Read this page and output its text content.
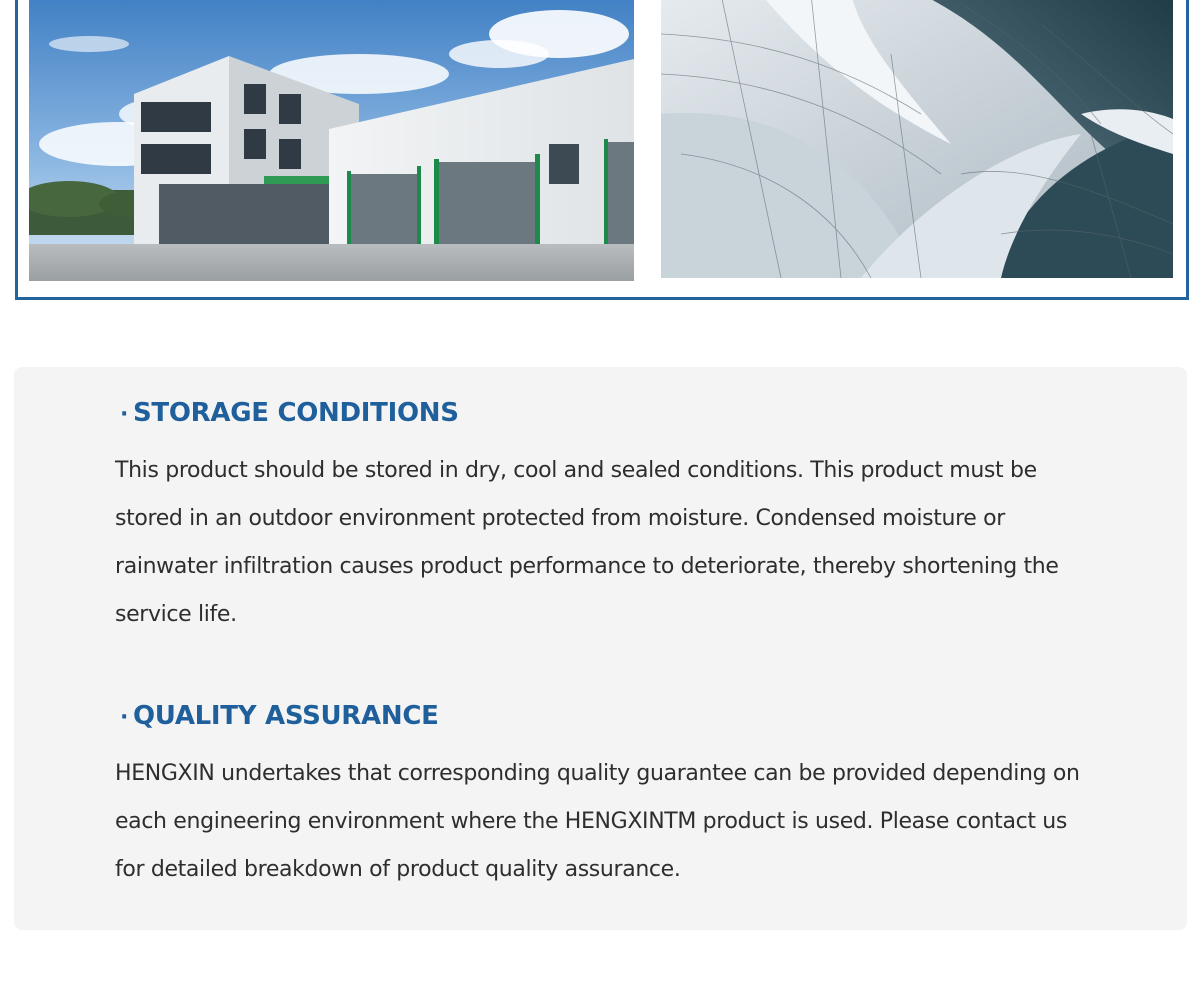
· STORAGE CONDITIONS

This product should be stored in dry, cool and sealed conditions. This product must be stored in an outdoor environment protected from moisture. Condensed moisture or rainwater infiltration causes product performance to deteriorate, thereby shortening the service life.

· QUALITY ASSURANCE

HENGXIN undertakes that corresponding quality guarantee can be provided depending on each engineering environment where the HENGXINTM product is used. Please contact us for detailed breakdown of product quality assurance.
